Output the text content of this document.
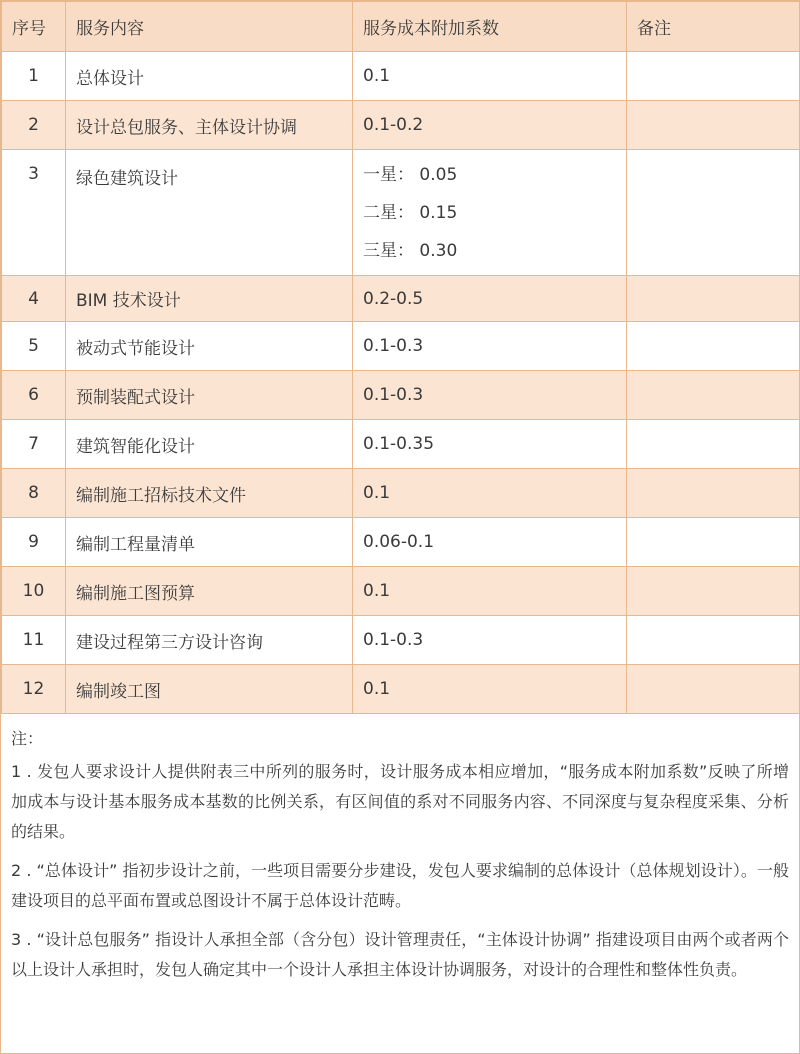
序号	服务内容	服务成本附加系数	备注
1	总体设计	0.1	
2	设计总包服务、主体设计协调	0.1-0.2	
3	绿色建筑设计	一星： 0.05
二星： 0.15
三星： 0.30	

4	BIM 技术设计	0.2-0.5	
5	被动式节能设计	0.1-0.3	
6	预制装配式设计	0.1-0.3	
7	建筑智能化设计	0.1-0.35	
8	编制施工招标技术文件	0.1	
9	编制工程量清单	0.06-0.1	
10	编制施工图预算	0.1	
11	建设过程第三方设计咨询	0.1-0.3	
12	编制竣工图	0.1	

注：

1 . 发包人要求设计人提供附表三中所列的服务时，设计服务成本相应增加，“服务成本附加系数”反映了所增加成本与设计基本服务成本基数的比例关系，有区间值的系对不同服务内容、不同深度与复杂程度采集、分析的结果。

2 . “总体设计” 指初步设计之前，一些项目需要分步建设，发包人要求编制的总体设计（总体规划设计）。一般建设项目的总平面布置或总图设计不属于总体设计范畴。

3 . “设计总包服务” 指设计人承担全部（含分包）设计管理责任，“主体设计协调” 指建设项目由两个或者两个以上设计人承担时，发包人确定其中一个设计人承担主体设计协调服务，对设计的合理性和整体性负责。
